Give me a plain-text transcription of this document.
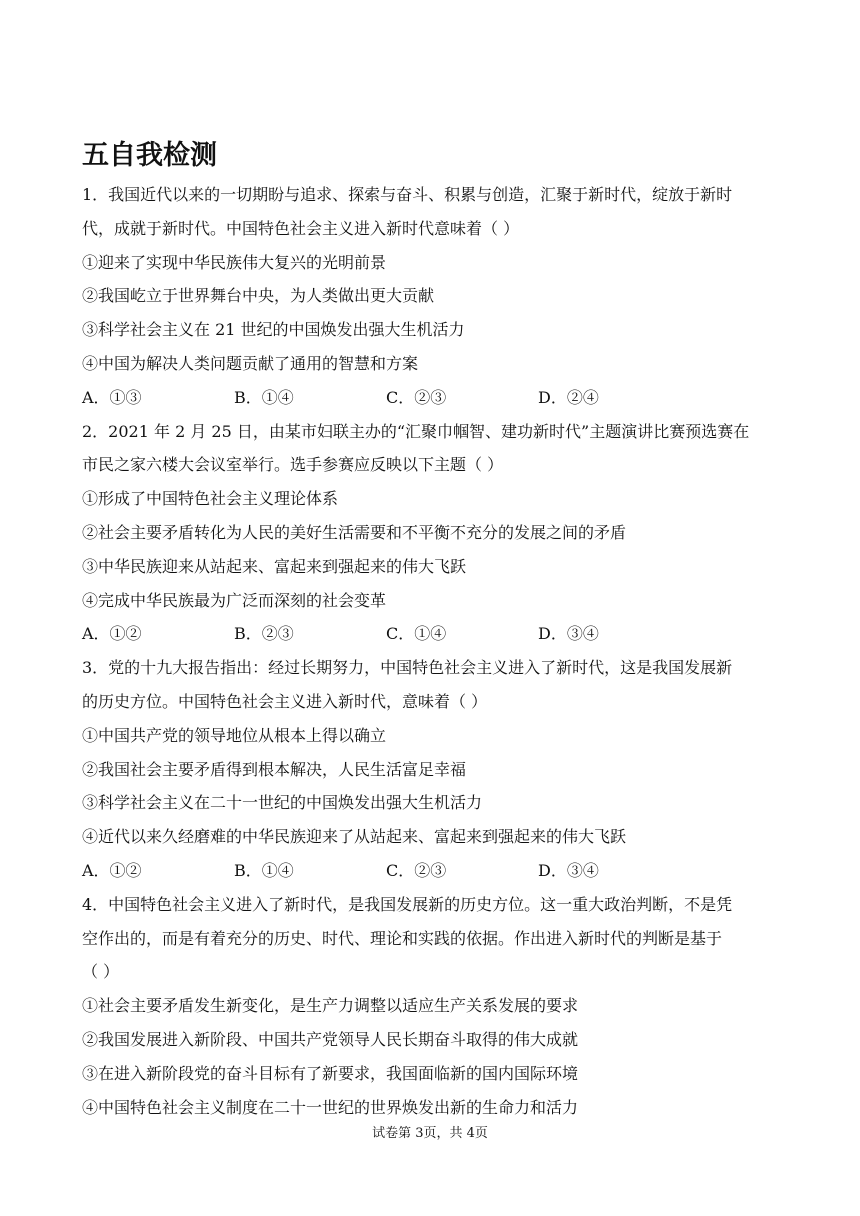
五自我检测
1．我国近代以来的一切期盼与追求、探索与奋斗、积累与创造，汇聚于新时代，绽放于新时
代，成就于新时代。中国特色社会主义进入新时代意味着（ ）
①迎来了实现中华民族伟大复兴的光明前景
②我国屹立于世界舞台中央，为人类做出更大贡献
③科学社会主义在 21 世纪的中国焕发出强大生机活力
④中国为解决人类问题贡献了通用的智慧和方案
A．①③	B．①④	C．②③	D．②④
2．2021 年 2 月 25 日，由某市妇联主办的“汇聚巾帼智、建功新时代”主题演讲比赛预选赛在
市民之家六楼大会议室举行。选手参赛应反映以下主题（ ）
①形成了中国特色社会主义理论体系
②社会主要矛盾转化为人民的美好生活需要和不平衡不充分的发展之间的矛盾
③中华民族迎来从站起来、富起来到强起来的伟大飞跃
④完成中华民族最为广泛而深刻的社会变革
A．①②	B．②③	C．①④	D．③④
3．党的十九大报告指出：经过长期努力，中国特色社会主义进入了新时代，这是我国发展新
的历史方位。中国特色社会主义进入新时代，意味着（ ）
①中国共产党的领导地位从根本上得以确立
②我国社会主要矛盾得到根本解决，人民生活富足幸福
③科学社会主义在二十一世纪的中国焕发出强大生机活力
④近代以来久经磨难的中华民族迎来了从站起来、富起来到强起来的伟大飞跃
A．①②	B．①④	C．②③	D．③④
4．中国特色社会主义进入了新时代，是我国发展新的历史方位。这一重大政治判断，不是凭
空作出的，而是有着充分的历史、时代、理论和实践的依据。作出进入新时代的判断是基于
（ ）
①社会主要矛盾发生新变化，是生产力调整以适应生产关系发展的要求
②我国发展进入新阶段、中国共产党领导人民长期奋斗取得的伟大成就
③在进入新阶段党的奋斗目标有了新要求，我国面临新的国内国际环境
④中国特色社会主义制度在二十一世纪的世界焕发出新的生命力和活力
试卷第 3页，共 4页
